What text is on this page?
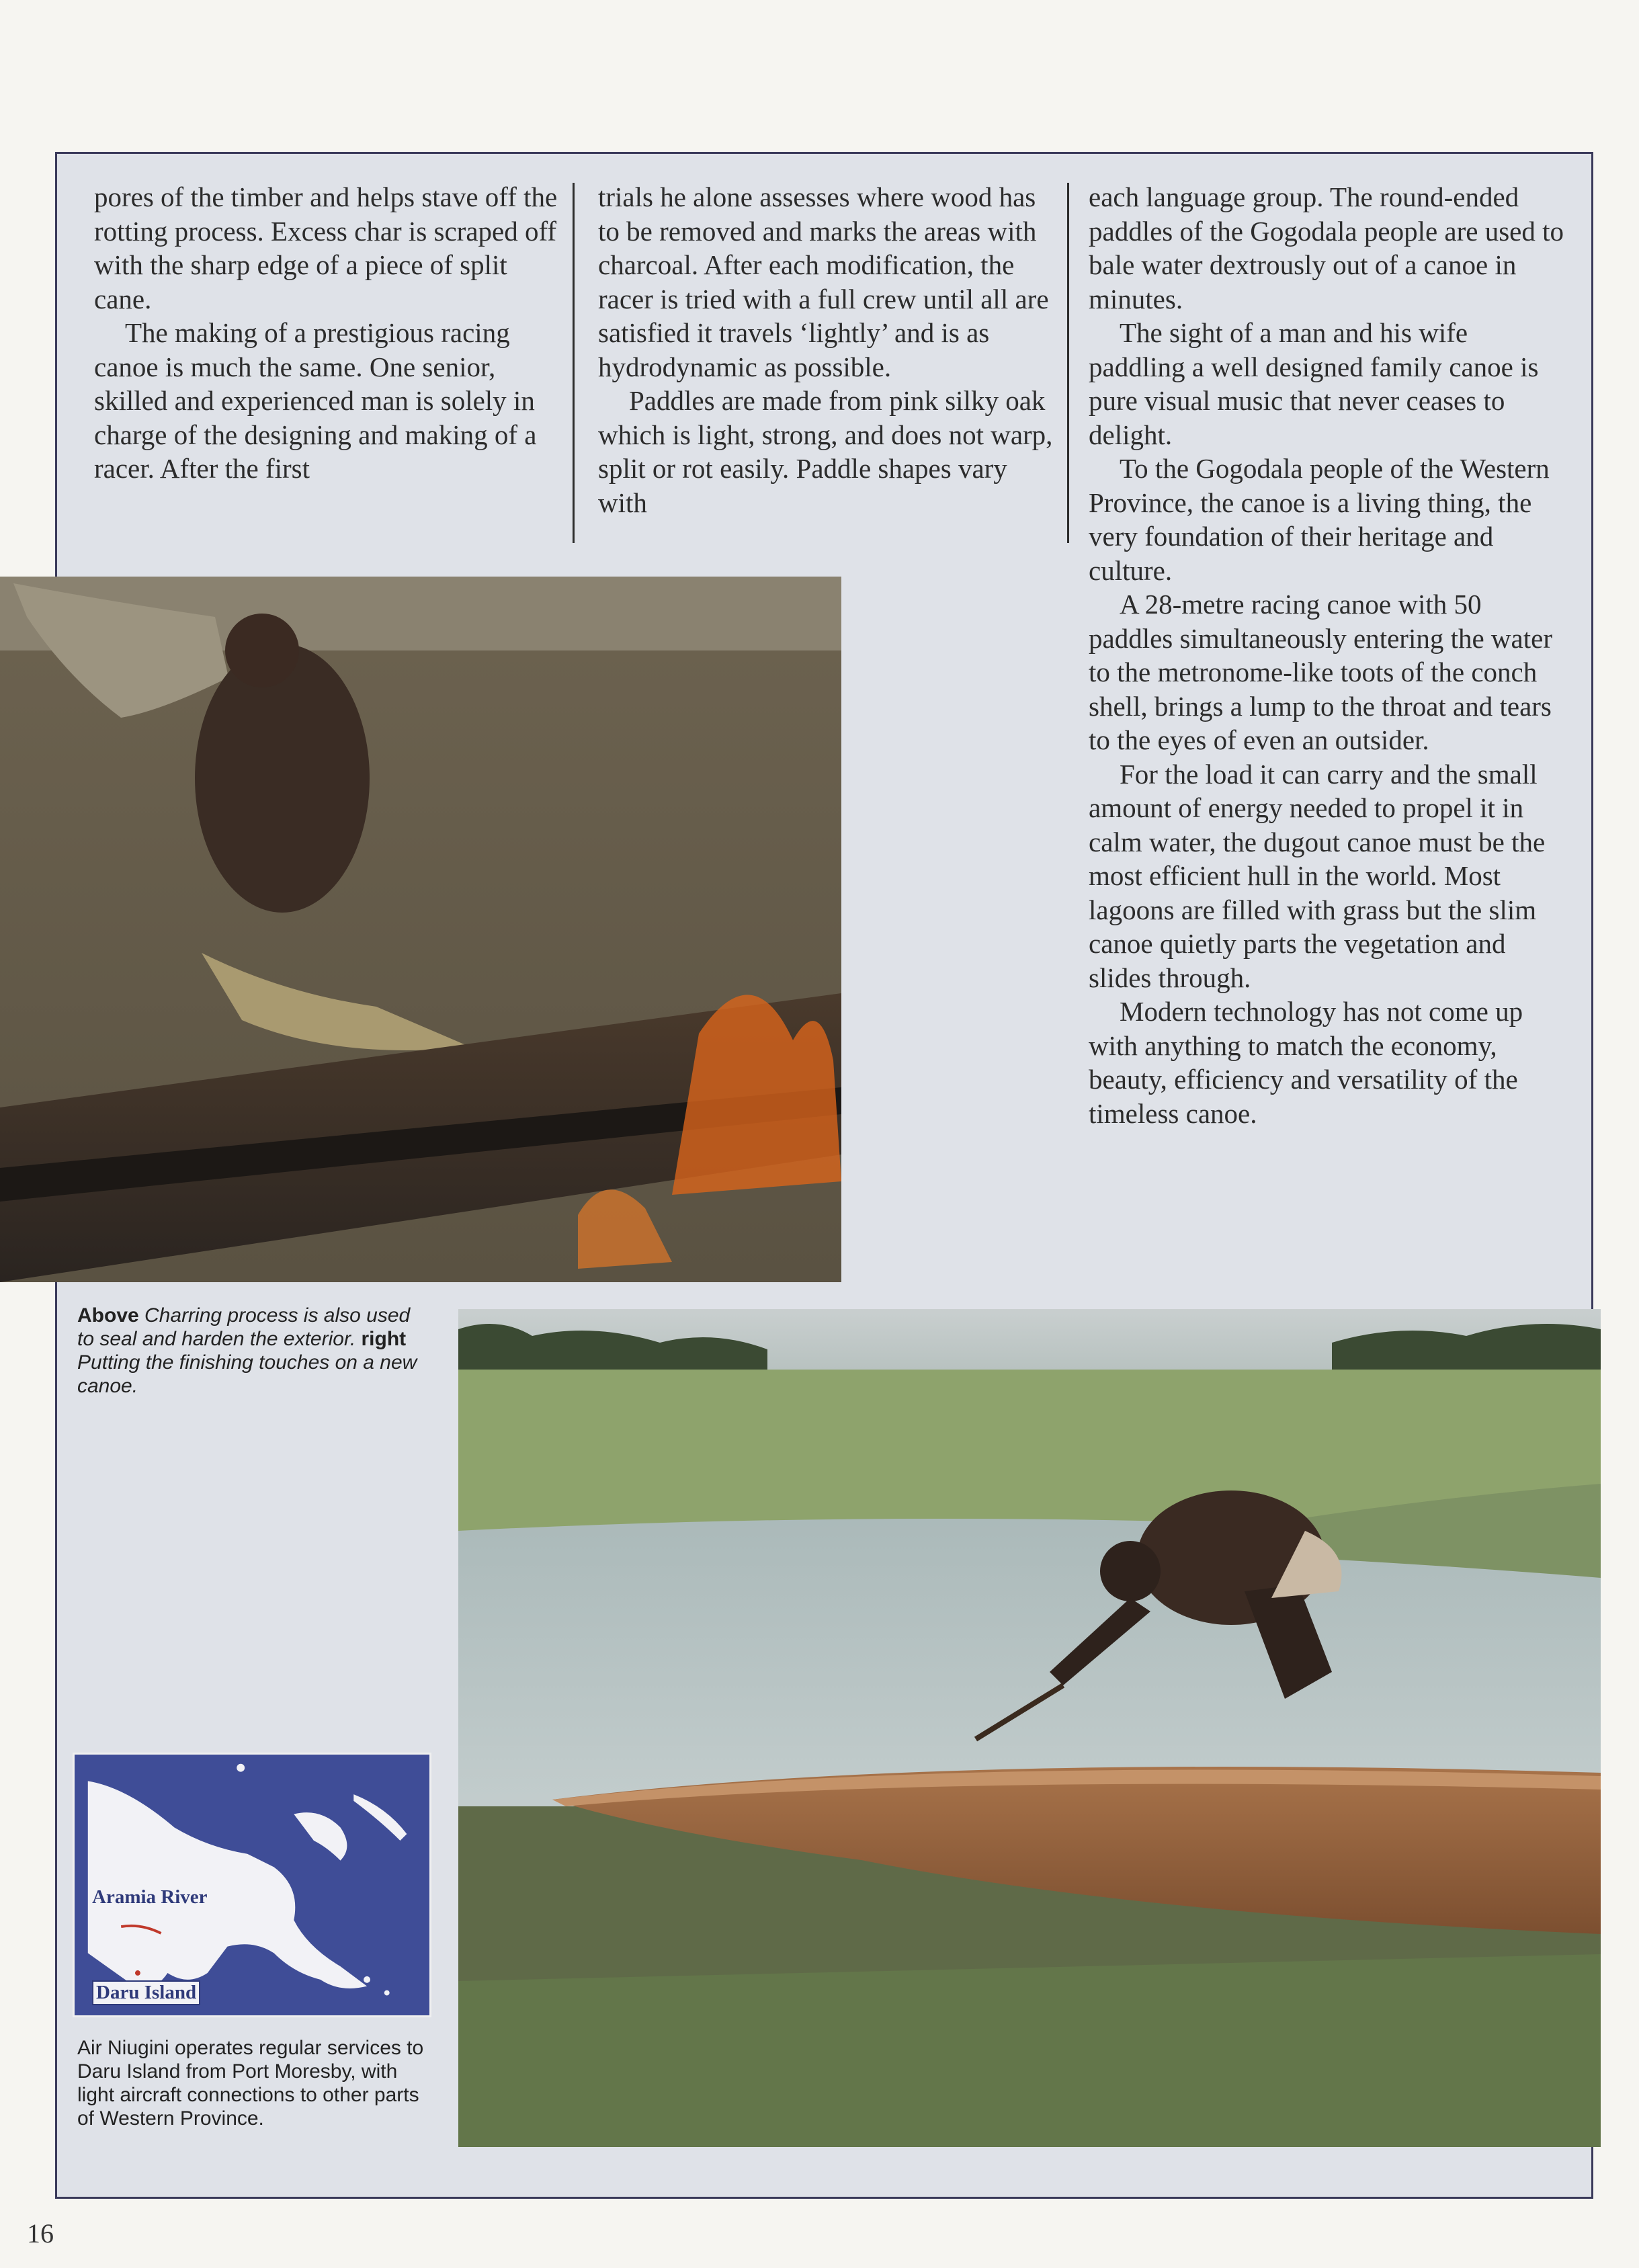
pores of the timber and helps stave off the rotting process. Excess char is scraped off with the sharp edge of a piece of split cane.

The making of a prestigious racing canoe is much the same. One senior, skilled and experienced man is solely in charge of the designing and making of a racer. After the first

trials he alone assesses where wood has to be removed and marks the areas with charcoal. After each modification, the racer is tried with a full crew until all are satisfied it travels ‘lightly’ and is as hydrodynamic as possible.

Paddles are made from pink silky oak which is light, strong, and does not warp, split or rot easily. Paddle shapes vary with

each language group. The round-ended paddles of the Gogodala people are used to bale water dextrously out of a canoe in minutes.

The sight of a man and his wife paddling a well designed family canoe is pure visual music that never ceases to delight.

To the Gogodala people of the Western Province, the canoe is a living thing, the very foundation of their heritage and culture.

A 28-metre racing canoe with 50 paddles simultaneously entering the water to the metronome-like toots of the conch shell, brings a lump to the throat and tears to the eyes of even an outsider.

For the load it can carry and the small amount of energy needed to propel it in calm water, the dugout canoe must be the most efficient hull in the world. Most lagoons are filled with grass but the slim canoe quietly parts the vegetation and slides through.

Modern technology has not come up with anything to match the economy, beauty, efficiency and versatility of the timeless canoe.

Above Charring process is also used to seal and harden the exterior. right Putting the finishing touches on a new canoe.
Aramia River
Daru Island
Air Niugini operates regular services to Daru Island from Port Moresby, with light aircraft connections to other parts of Western Province.
16
